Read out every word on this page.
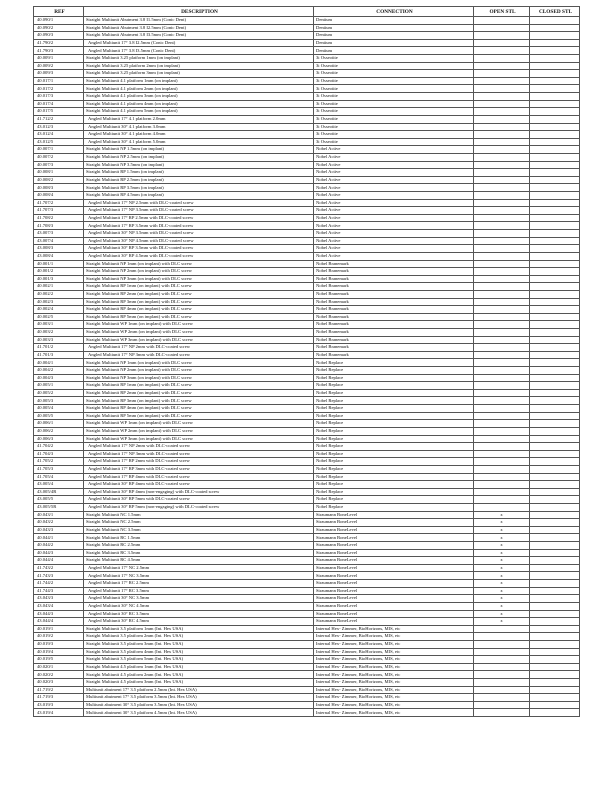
REF	DESCRIPTION	CONNECTION	OPEN STL	CLOSED STL
40.090/1	Straight Multiunit Abutment 3.8 I1.5mm (Conic Dent)	Dentium		
40.090/2	Straight Multiunit Abutment 3.8 I2.5mm (Conic Dent)	Dentium		
40.090/3	Straight Multiunit Abutment 3.8 I3.5mm (Conic Dent)	Dentium		
41.790/2	Angled Multiunit 17° 3.8 I2.5mm (Conic Dent)	Dentium		
41.790/3	Angled Multiunit 17° 3.8 I3.5mm (Conic Dent)	Dentium		
40.009/1	Straight Multiunit 3.25 platform 1mm (on implant)	3i Osseotite		
40.009/2	Straight Multiunit 3.25 platform 2mm (on implant)	3i Osseotite		
40.009/3	Straight Multiunit 3.25 platform 3mm (on implant)	3i Osseotite		
40.017/1	Straight Multiunit 4.1 platform 1mm (on implant)	3i Osseotite		
40.017/2	Straight Multiunit 4.1 platform 2mm (on implant)	3i Osseotite		
40.017/3	Straight Multiunit 4.1 platform 3mm (on implant)	3i Osseotite		
40.017/4	Straight Multiunit 4.1 platform 4mm (on implant)	3i Osseotite		
40.017/5	Straight Multiunit 4.1 platform 5mm (on implant)	3i Osseotite		
41.712/2	Angled Multiunit 17° 4.1 platform 2.0mm	3i Osseotite		
43.012/3	Angled Multiunit 30° 4.1 platform 3.0mm	3i Osseotite		
43.012/4	Angled Multiunit 30° 4.1 platform 4.0mm	3i Osseotite		
43.012/5	Angled Multiunit 30° 4.1 platform 5.0mm	3i Osseotite		
40.007/1	Straight Multiunit NP 1.5mm (on implant)	Nobel Active		
40.007/2	Straight Multiunit NP 2.5mm (on implant)	Nobel Active		
40.007/3	Straight Multiunit NP 3.5mm (on implant)	Nobel Active		
40.008/1	Straight Multiunit RP 1.5mm (on implant)	Nobel Active		
40.008/2	Straight Multiunit RP 2.5mm (on implant)	Nobel Active		
40.008/3	Straight Multiunit RP 3.5mm (on implant)	Nobel Active		
40.008/4	Straight Multiunit RP 4.5mm (on implant)	Nobel Active		
41.707/2	Angled Multiunit 17° NP 2.5mm with DLC-coated screw	Nobel Active		
41.707/3	Angled Multiunit 17° NP 3.5mm with DLC-coated screw	Nobel Active		
41.708/2	Angled Multiunit 17° RP 2.5mm with DLC-coated screw	Nobel Active		
41.708/3	Angled Multiunit 17° RP 3.5mm with DLC-coated screw	Nobel Active		
43.007/3	Angled Multiunit 30° NP 3.5mm with DLC-coated screw	Nobel Active		
43.007/4	Angled Multiunit 30° NP 4.5mm with DLC-coated screw	Nobel Active		
43.008/3	Angled Multiunit 30° RP 3.5mm with DLC-coated screw	Nobel Active		
43.008/4	Angled Multiunit 30° RP 4.5mm with DLC-coated screw	Nobel Active		
40.001/1	Straight Multiunit NP 1mm (on implant) with DLC screw	Nobel Branemark		
40.001/2	Straight Multiunit NP 2mm (on implant) with DLC screw	Nobel Branemark		
40.001/3	Straight Multiunit NP 3mm (on implant) with DLC screw	Nobel Branemark		
40.002/1	Straight Multiunit RP 1mm (on implant) with DLC screw	Nobel Branemark		
40.002/2	Straight Multiunit RP 2mm (on implant) with DLC screw	Nobel Branemark		
40.002/3	Straight Multiunit RP 3mm (on implant) with DLC screw	Nobel Branemark		
40.002/4	Straight Multiunit RP 4mm (on implant) with DLC screw	Nobel Branemark		
40.002/5	Straight Multiunit RP 5mm (on implant) with DLC screw	Nobel Branemark		
40.003/1	Straight Multiunit WP 1mm (on implant) with DLC screw	Nobel Branemark		
40.003/2	Straight Multiunit WP 2mm (on implant) with DLC screw	Nobel Branemark		
40.003/3	Straight Multiunit WP 3mm (on implant) with DLC screw	Nobel Branemark		
41.701/2	Angled Multiunit 17° NP 2mm with DLC-coated screw	Nobel Branemark		
41.701/3	Angled Multiunit 17° NP 3mm with DLC-coated screw	Nobel Branemark		
40.004/1	Straight Multiunit NP 1mm (on implant) with DLC screw	Nobel Replace		
40.004/2	Straight Multiunit NP 2mm (on implant) with DLC screw	Nobel Replace		
40.004/3	Straight Multiunit NP 3mm (on implant) with DLC screw	Nobel Replace		
40.005/1	Straight Multiunit RP 1mm (on implant) with DLC screw	Nobel Replace		
40.005/2	Straight Multiunit RP 2mm (on implant) with DLC screw	Nobel Replace		
40.005/3	Straight Multiunit RP 3mm (on implant) with DLC screw	Nobel Replace		
40.005/4	Straight Multiunit RP 4mm (on implant) with DLC screw	Nobel Replace		
40.005/5	Straight Multiunit RP 5mm (on implant) with DLC screw	Nobel Replace		
40.006/1	Straight Multiunit WP 1mm (on implant) with DLC screw	Nobel Replace		
40.006/2	Straight Multiunit WP 2mm (on implant) with DLC screw	Nobel Replace		
40.006/3	Straight Multiunit WP 3mm (on implant) with DLC screw	Nobel Replace		
41.704/2	Angled Multiunit 17° NP 2mm with DLC-coated screw	Nobel Replace		
41.704/3	Angled Multiunit 17° NP 3mm with DLC-coated screw	Nobel Replace		
41.705/2	Angled Multiunit 17° RP 2mm with DLC-coated screw	Nobel Replace		
41.705/3	Angled Multiunit 17° RP 3mm with DLC-coated screw	Nobel Replace		
41.705/4	Angled Multiunit 17° RP 4mm with DLC-coated screw	Nobel Replace		
43.005/4	Angled Multiunit 30° RP 4mm with DLC-coated screw	Nobel Replace		
43.005/4R	Angled Multiunit 30° RP 4mm (non-engaging) with DLC-coated screw	Nobel Replace		
43.005/5	Angled Multiunit 30° RP 5mm with DLC-coated screw	Nobel Replace		
43.005/5R	Angled Multiunit 30° RP 5mm (non-engaging) with DLC-coated screw	Nobel Replace		
40.043/1	Straight Multiunit NC 1.5mm	Straumann BoneLevel	x	
40.043/2	Straight Multiunit NC 2.5mm	Straumann BoneLevel	x	
40.043/3	Straight Multiunit NC 3.5mm	Straumann BoneLevel	x	
40.044/1	Straight Multiunit RC 1.5mm	Straumann BoneLevel	x	
40.044/2	Straight Multiunit RC 2.5mm	Straumann BoneLevel	x	
40.044/3	Straight Multiunit RC 3.5mm	Straumann BoneLevel	x	
40.044/4	Straight Multiunit RC 4.5mm	Straumann BoneLevel	x	
41.743/2	Angled Multiunit 17° NC 2.5mm	Straumann BoneLevel	x	
41.743/3	Angled Multiunit 17° NC 3.5mm	Straumann BoneLevel	x	
41.744/2	Angled Multiunit 17° RC 2.5mm	Straumann BoneLevel	x	
41.744/3	Angled Multiunit 17° RC 3.5mm	Straumann BoneLevel	x	
43.043/3	Angled Multiunit 30° NC 3.5mm	Straumann BoneLevel	x	
43.043/4	Angled Multiunit 30° NC 4.5mm	Straumann BoneLevel	x	
43.044/3	Angled Multiunit 30° RC 3.5mm	Straumann BoneLevel	x	
43.044/4	Angled Multiunit 30° RC 4.5mm	Straumann BoneLevel	x	
40.019/1	Straight Multiunit 3.5 platform 1mm (Int. Hex USA)	Internal Hex- Zimmer, BioHorizons, MIS, etc		
40.019/2	Straight Multiunit 3.5 platform 2mm (Int. Hex USA)	Internal Hex- Zimmer, BioHorizons, MIS, etc		
40.019/3	Straight Multiunit 3.5 platform 3mm (Int. Hex USA)	Internal Hex- Zimmer, BioHorizons, MIS, etc		
40.019/4	Straight Multiunit 3.5 platform 4mm (Int. Hex USA)	Internal Hex- Zimmer, BioHorizons, MIS, etc		
40.019/5	Straight Multiunit 3.5 platform 5mm (Int. Hex USA)	Internal Hex- Zimmer, BioHorizons, MIS, etc		
40.020/1	Straight Multiunit 4.5 platform 1mm (Int. Hex USA)	Internal Hex- Zimmer, BioHorizons, MIS, etc		
40.020/2	Straight Multiunit 4.5 platform 2mm (Int. Hex USA)	Internal Hex- Zimmer, BioHorizons, MIS, etc		
40.020/3	Straight Multiunit 4.5 platform 3mm (Int. Hex USA)	Internal Hex- Zimmer, BioHorizons, MIS, etc		
41.719/2	Multiunit abutment 17° 3.5 platform 2.5mm (Int. Hex USA)	Internal Hex- Zimmer, BioHorizons, MIS, etc		
41.719/3	Multiunit abutment 17° 3.5 platform 3.5mm (Int. Hex USA)	Internal Hex- Zimmer, BioHorizons, MIS, etc		
43.019/3	Multiunit abutment 30° 3.5 platform 3.5mm (Int. Hex USA)	Internal Hex- Zimmer, BioHorizons, MIS, etc		
43.019/4	Multiunit abutment 30° 3.5 platform 4.5mm (Int. Hex USA)	Internal Hex- Zimmer, BioHorizons, MIS, etc		
